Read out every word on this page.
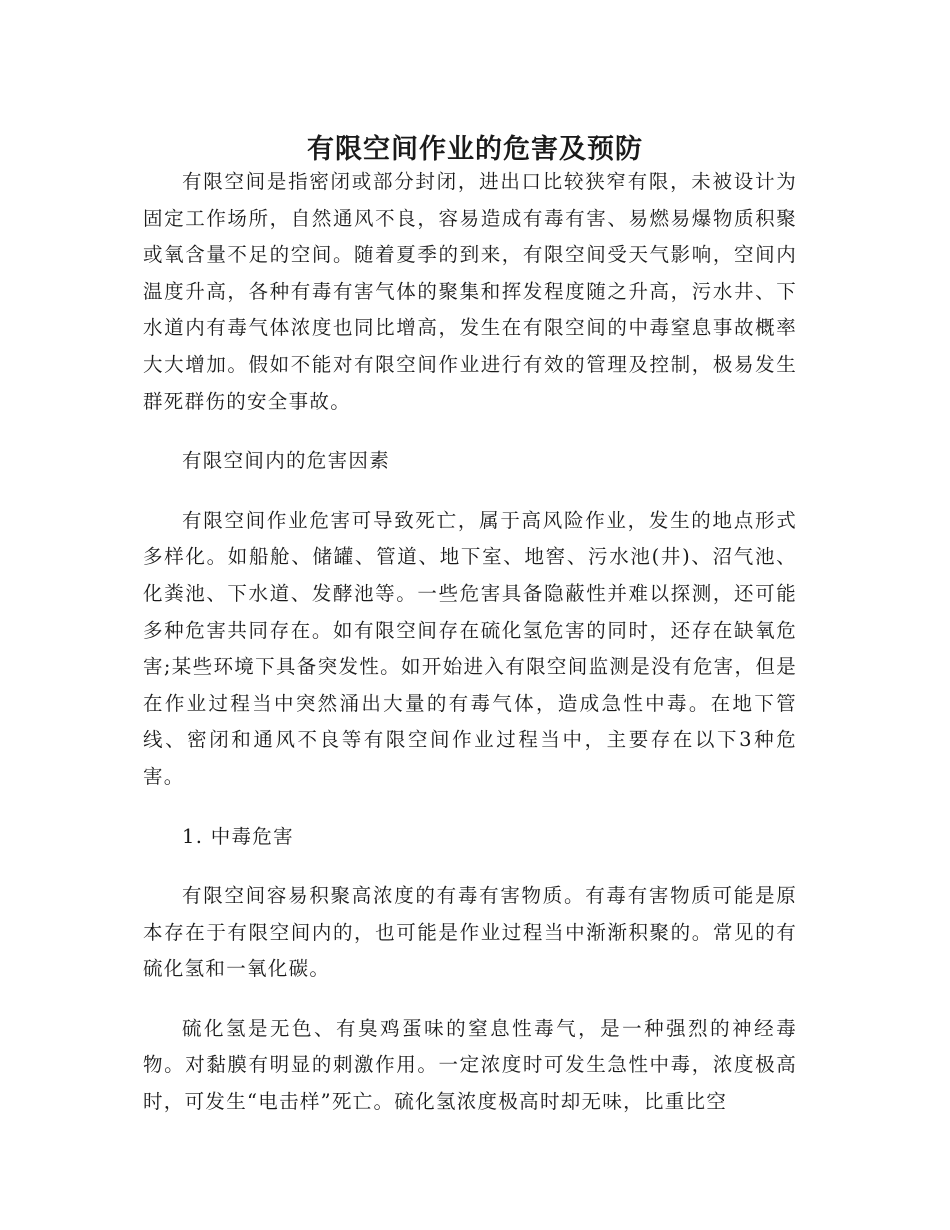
有限空间作业的危害及预防

有限空间是指密闭或部分封闭，进出口比较狭窄有限，未被设计为固定工作场所，自然通风不良，容易造成有毒有害、易燃易爆物质积聚或氧含量不足的空间。随着夏季的到来，有限空间受天气影响，空间内温度升高，各种有毒有害气体的聚集和挥发程度随之升高，污水井、下水道内有毒气体浓度也同比增高，发生在有限空间的中毒窒息事故概率大大增加。假如不能对有限空间作业进行有效的管理及控制，极易发生群死群伤的安全事故。

有限空间内的危害因素

有限空间作业危害可导致死亡，属于高风险作业，发生的地点形式多样化。如船舱、储罐、管道、地下室、地窖、污水池(井)、沼气池、化粪池、下水道、发酵池等。一些危害具备隐蔽性并难以探测，还可能多种危害共同存在。如有限空间存在硫化氢危害的同时，还存在缺氧危害;某些环境下具备突发性。如开始进入有限空间监测是没有危害，但是在作业过程当中突然涌出大量的有毒气体，造成急性中毒。在地下管线、密闭和通风不良等有限空间作业过程当中，主要存在以下3种危害。

1. 中毒危害

有限空间容易积聚高浓度的有毒有害物质。有毒有害物质可能是原本存在于有限空间内的，也可能是作业过程当中渐渐积聚的。常见的有硫化氢和一氧化碳。

硫化氢是无色、有臭鸡蛋味的窒息性毒气，是一种强烈的神经毒物。对黏膜有明显的刺激作用。一定浓度时可发生急性中毒，浓度极高时，可发生“电击样”死亡。硫化氢浓度极高时却无味，比重比空
